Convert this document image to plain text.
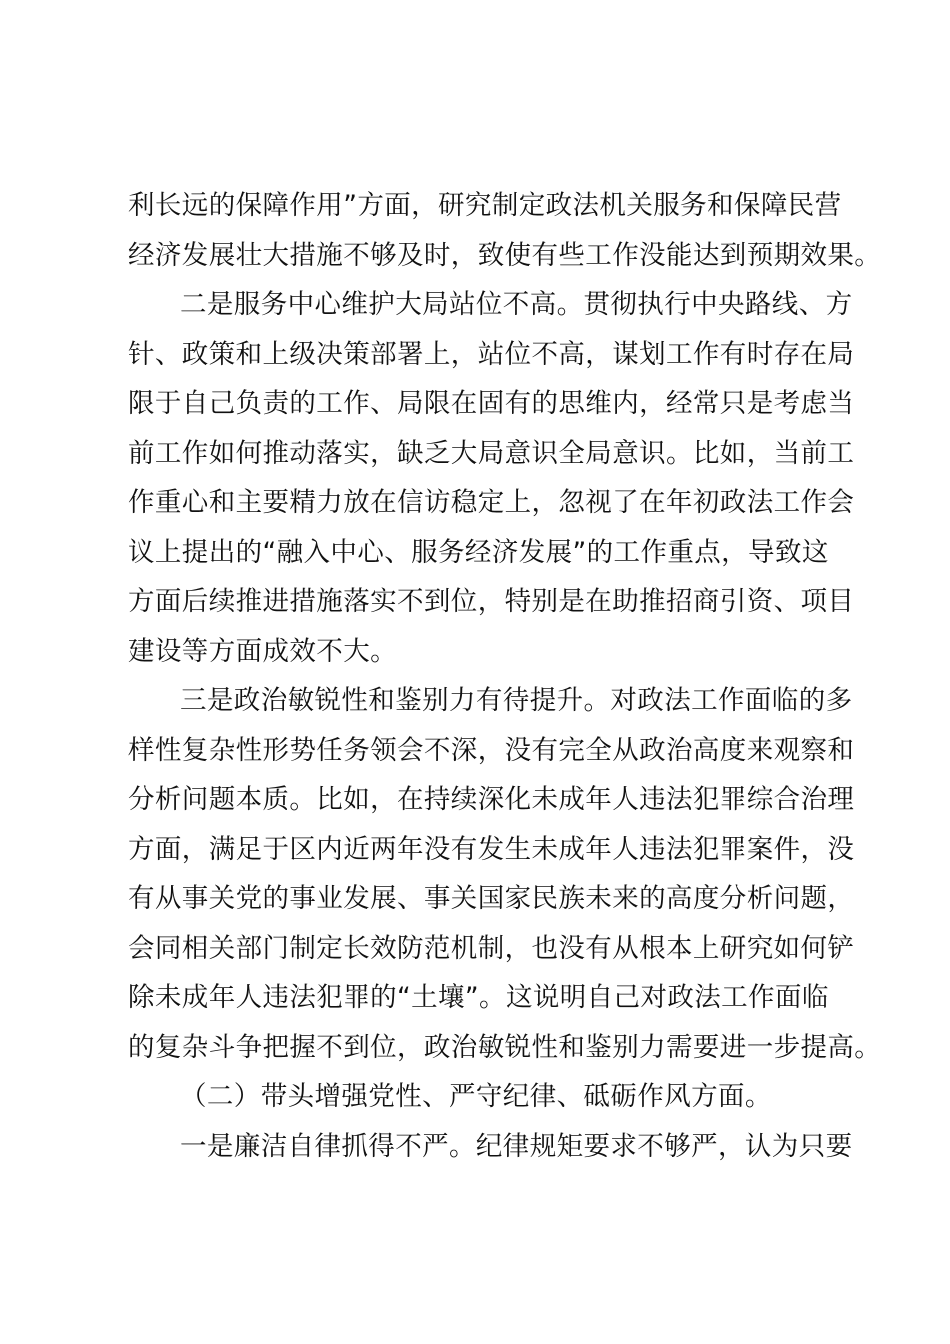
利长远的保障作用”方面，研究制定政法机关服务和保障民营
经济发展壮大措施不够及时，致使有些工作没能达到预期效果。
二是服务中心维护大局站位不高。贯彻执行中央路线、方
针、政策和上级决策部署上，站位不高，谋划工作有时存在局
限于自己负责的工作、局限在固有的思维内，经常只是考虑当
前工作如何推动落实，缺乏大局意识全局意识。比如，当前工
作重心和主要精力放在信访稳定上，忽视了在年初政法工作会
议上提出的“融入中心、服务经济发展”的工作重点，导致这
方面后续推进措施落实不到位，特别是在助推招商引资、项目
建设等方面成效不大。
三是政治敏锐性和鉴别力有待提升。对政法工作面临的多
样性复杂性形势任务领会不深，没有完全从政治高度来观察和
分析问题本质。比如，在持续深化未成年人违法犯罪综合治理
方面，满足于区内近两年没有发生未成年人违法犯罪案件，没
有从事关党的事业发展、事关国家民族未来的高度分析问题，
会同相关部门制定长效防范机制，也没有从根本上研究如何铲
除未成年人违法犯罪的“土壤”。这说明自己对政法工作面临
的复杂斗争把握不到位，政治敏锐性和鉴别力需要进一步提高。
（二）带头增强党性、严守纪律、砥砺作风方面。
一是廉洁自律抓得不严。纪律规矩要求不够严，认为只要
